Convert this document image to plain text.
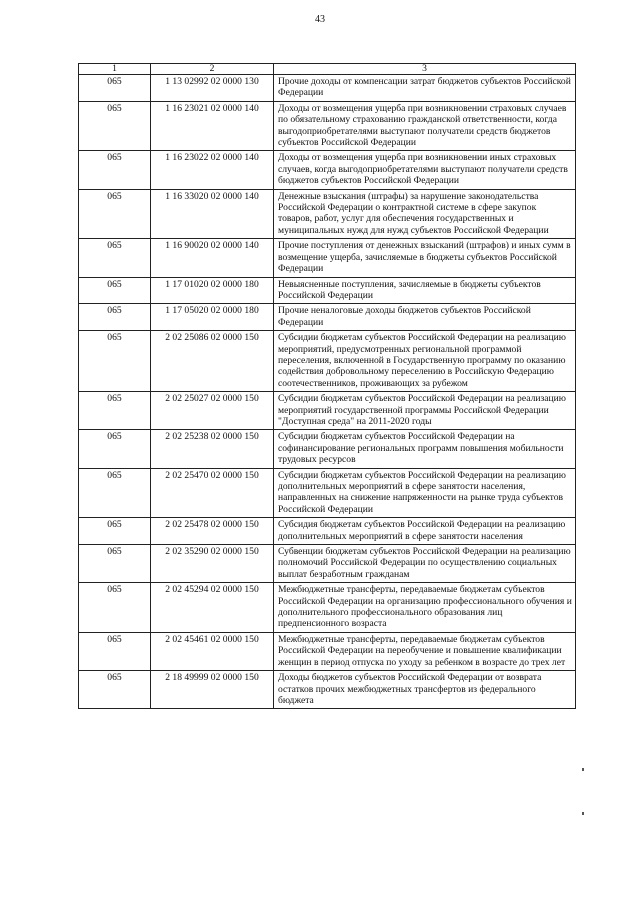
43
1	2	3
065	1 13 02992 02 0000 130	Прочие доходы от компенсации затрат бюджетов субъектов Российской Федерации
065	1 16 23021 02 0000 140	Доходы от возмещения ущерба при возникновении страховых случаев по обязательному страхованию гражданской ответственности, когда выгодоприобретателями выступают получатели средств бюджетов субъектов Российской Федерации
065	1 16 23022 02 0000 140	Доходы от возмещения ущерба при возникновении иных страховых случаев, когда выгодоприобретателями выступают получатели средств бюджетов субъектов Российской Федерации
065	1 16 33020 02 0000 140	Денежные взыскания (штрафы) за нарушение законодательства Российской Федерации о контрактной системе в сфере закупок товаров, работ, услуг для обеспечения государственных и муниципальных нужд для нужд субъектов Российской Федерации
065	1 16 90020 02 0000 140	Прочие поступления от денежных взысканий (штрафов) и иных сумм в возмещение ущерба, зачисляемые в бюджеты субъектов Российской Федерации
065	1 17 01020 02 0000 180	Невыясненные поступления, зачисляемые в бюджеты субъектов Российской Федерации
065	1 17 05020 02 0000 180	Прочие неналоговые доходы бюджетов субъектов Российской Федерации
065	2 02 25086 02 0000 150	Субсидии бюджетам субъектов Российской Федерации на реализацию мероприятий, предусмотренных региональной программой переселения, включенной в Государственную программу по оказанию содействия добровольному переселению в Российскую Федерацию соотечественников, проживающих за рубежом
065	2 02 25027 02 0000 150	Субсидии бюджетам субъектов Российской Федерации на реализацию мероприятий государственной программы Российской Федерации "Доступная среда" на 2011-2020 годы
065	2 02 25238 02 0000 150	Субсидии бюджетам субъектов Российской Федерации на софинансирование региональных программ повышения мобильности трудовых ресурсов
065	2 02 25470 02 0000 150	Субсидии бюджетам субъектов Российской Федерации на реализацию дополнительных мероприятий в сфере занятости населения, направленных на снижение напряженности на рынке труда субъектов Российской Федерации
065	2 02 25478 02 0000 150	Субсидия бюджетам субъектов Российской Федерации на реализацию дополнительных мероприятий в сфере занятости населения
065	2 02 35290 02 0000 150	Субвенции бюджетам субъектов Российской Федерации на реализацию полномочий Российской Федерации по осуществлению социальных выплат безработным гражданам
065	2 02 45294 02 0000 150	Межбюджетные трансферты, передаваемые бюджетам субъектов Российской Федерации на организацию профессионального обучения и дополнительного профессионального образования лиц предпенсионного возраста
065	2 02 45461 02 0000 150	Межбюджетные трансферты, передаваемые бюджетам субъектов Российской Федерации на переобучение и повышение квалификации женщин в период отпуска по уходу за ребенком в возрасте до трех лет
065	2 18 49999 02 0000 150	Доходы бюджетов субъектов Российской Федерации от возврата остатков прочих межбюджетных трансфертов из федерального бюджета
